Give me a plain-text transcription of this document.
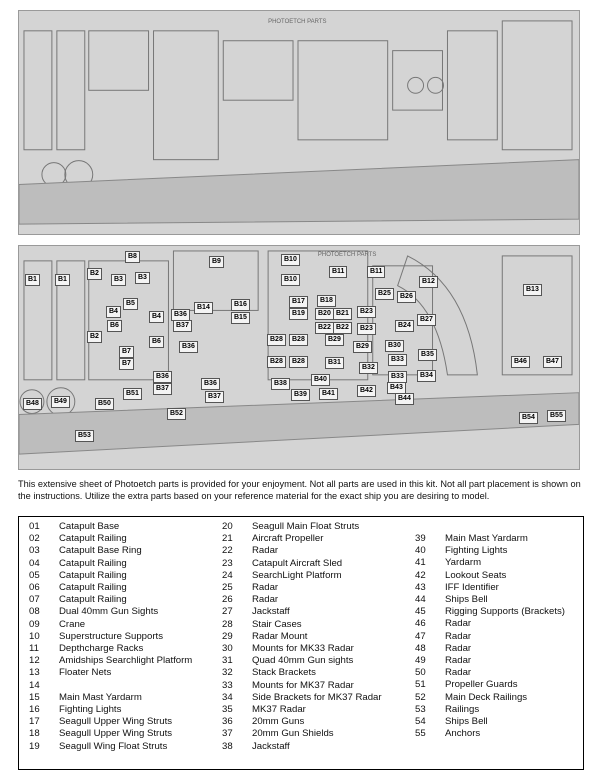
PHOTOETCH PARTS
PHOTOETCH PARTS
B1	B1
B2
B3	B3
B2
B4
B5
B4
B6
B7
B7
B8
B9	B10
B10
B11	B11
B12
B13
B14
B15
B16	B17	B18
B19	B20 B21
B22 B22
B23
B23	B24
B25	B26
B27
B28	B28
B28	B28
B29
B29	B30
B31
B32
B33
B33	B34
B35
B36
B36
B36
B36
B37
B37
B37
B38
B39
B40
B41	B42	B43
B44
B46	B47
B48	B49	B50
B51
B52
B53
B54	B55
B6
This extensive sheet of Photoetch parts is provided for your enjoyment. Not all parts are used in this kit. Not all part placement is shown on the instructions. Utilize the extra parts based on your reference material for the exact ship you are desiring to model.
01	Catapult Base
02	Catapult Railing
03	Catapult Base Ring
04	Catapult Railing
05	Catapult Railing
06	Catapult Railing
07	Catapult Railing
08	Dual 40mm Gun Sights
09	Crane
10	Superstructure Supports
11	Depthcharge Racks
12	Amidships Searchlight Platform
13	Floater Nets
14
15	Main Mast Yardarm
16	Fighting Lights
17	Seagull Upper Wing Struts
18	Seagull Upper Wing Struts
19	Seagull Wing Float Struts
20	Seagull Main Float Struts
21	Aircraft Propeller
22	Radar
23	Catapult Aircraft Sled
24	SearchLight Platform
25	Radar
26	Radar
27	Jackstaff
28	Stair Cases
29	Radar Mount
30	Mounts for MK33 Radar
31	Quad 40mm Gun sights
32	Stack Brackets
33	Mounts for MK37 Radar
34	Side Brackets for MK37 Radar
35	MK37 Radar
36	20mm Guns
37	20mm Gun Shields
38	Jackstaff
39	Main Mast Yardarm
40	Fighting Lights
41	Yardarm
42	Lookout Seats
43	IFF Identifier
44	Ships Bell
45	Rigging Supports (Brackets)
46	Radar
47	Radar
48	Radar
49	Radar
50	Radar
51	Propeller Guards
52	Main Deck Railings
53	Railings
54	Ships Bell
55	Anchors
